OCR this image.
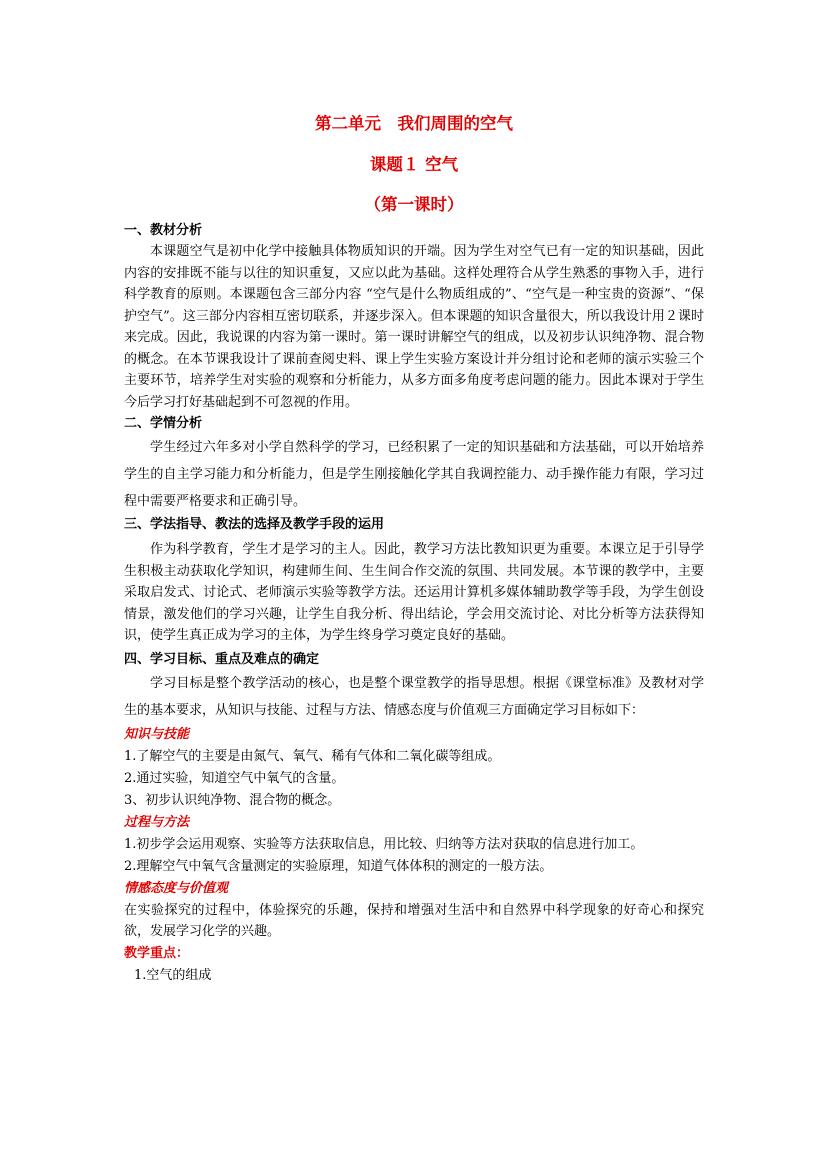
第二单元　我们周围的空气
课题１ 空气
（第一课时）
一、教材分析
本课题空气是初中化学中接触具体物质知识的开端。因为学生对空气已有一定的知识基础，因此内容的安排既不能与以往的知识重复，又应以此为基础。这样处理符合从学生熟悉的事物入手，进行科学教育的原则。本课题包含三部分内容 “空气是什么物质组成的”、“空气是一种宝贵的资源”、“保护空气”。这三部分内容相互密切联系，并逐步深入。但本课题的知识含量很大，所以我设计用２课时来完成。因此，我说课的内容为第一课时。第一课时讲解空气的组成，以及初步认识纯净物、混合物的概念。在本节课我设计了课前查阅史料、课上学生实验方案设计并分组讨论和老师的演示实验三个主要环节，培养学生对实验的观察和分析能力，从多方面多角度考虑问题的能力。因此本课对于学生今后学习打好基础起到不可忽视的作用。
二、学情分析
学生经过六年多对小学自然科学的学习，已经积累了一定的知识基础和方法基础，可以开始培养学生的自主学习能力和分析能力，但是学生刚接触化学其自我调控能力、动手操作能力有限，学习过程中需要严格要求和正确引导。
三、学法指导、教法的选择及教学手段的运用
作为科学教育，学生才是学习的主人。因此，教学习方法比教知识更为重要。本课立足于引导学生积极主动获取化学知识，构建师生间、生生间合作交流的氛围、共同发展。本节课的教学中，主要采取启发式、讨论式、老师演示实验等教学方法。还运用计算机多媒体辅助教学等手段，为学生创设情景，激发他们的学习兴趣，让学生自我分析、得出结论，学会用交流讨论、对比分析等方法获得知识，使学生真正成为学习的主体，为学生终身学习奠定良好的基础。
四、学习目标、重点及难点的确定
学习目标是整个教学活动的核心，也是整个课堂教学的指导思想。根据《课堂标准》及教材对学生的基本要求，从知识与技能、过程与方法、情感态度与价值观三方面确定学习目标如下：
知识与技能
1.了解空气的主要是由氮气、氧气、稀有气体和二氧化碳等组成。
2.通过实验，知道空气中氧气的含量。
3、初步认识纯净物、混合物的概念。
过程与方法
1.初步学会运用观察、实验等方法获取信息，用比较、归纳等方法对获取的信息进行加工。
2.理解空气中氧气含量测定的实验原理，知道气体体积的测定的一般方法。
情感态度与价值观
在实验探究的过程中，体验探究的乐趣，保持和增强对生活中和自然界中科学现象的好奇心和探究欲，发展学习化学的兴趣。
教学重点：
1.空气的组成
